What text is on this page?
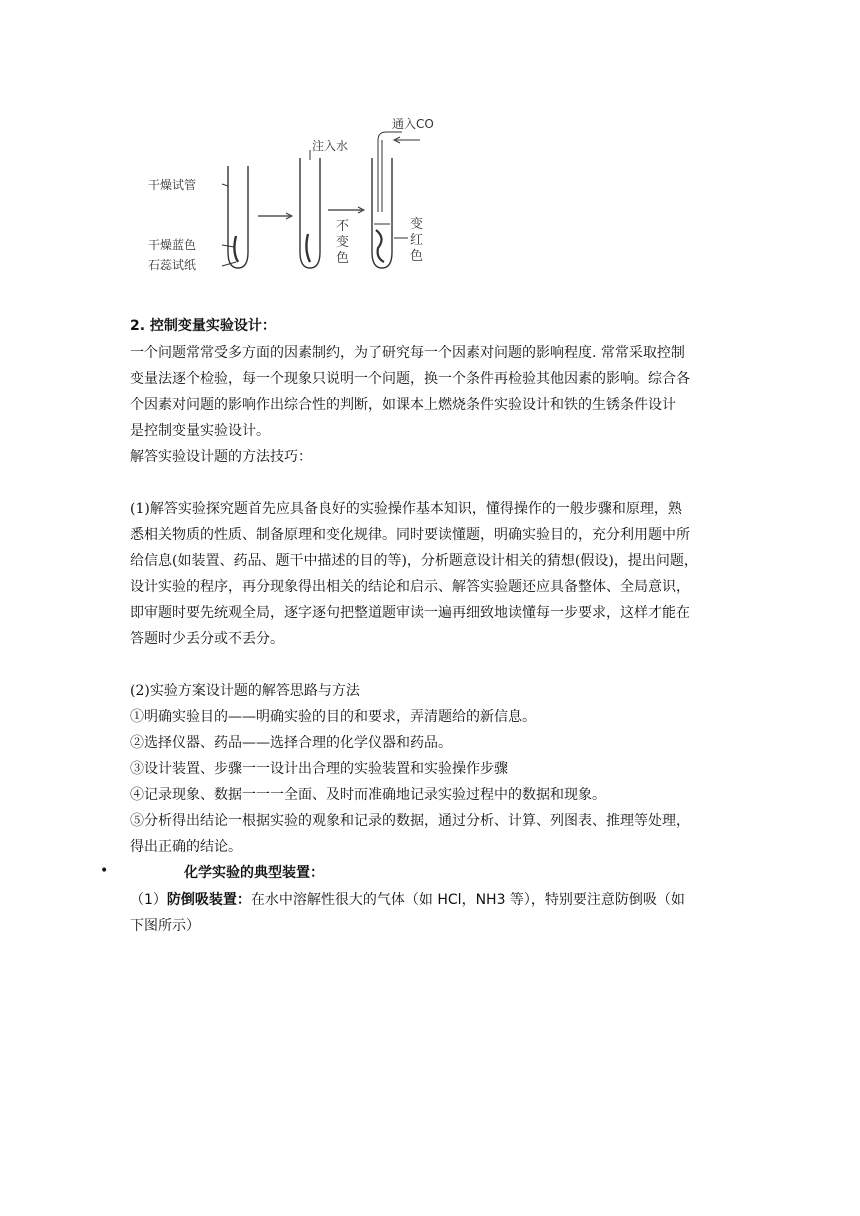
干燥试管
干燥蓝色
石蕊试纸
注入水
不
变
色
通入CO
变
红
色
2. 控制变量实验设计：
一个问题常常受多方面的因素制约，为了研究每一个因素对问题的影响程度. 常常采取控制
变量法逐个检验，每一个现象只说明一个问题，换一个条件再检验其他因素的影响。综合各
个因素对问题的影响作出综合性的判断，如课本上燃烧条件实验设计和铁的生锈条件设计
是控制变量实验设计。
解答实验设计题的方法技巧：
(1)解答实验探究题首先应具备良好的实验操作基本知识，懂得操作的一般步骤和原理，熟
悉相关物质的性质、制备原理和变化规律。同时要读懂题，明确实验目的，充分利用题中所
给信息(如装置、药品、题干中描述的目的等)，分析题意设计相关的猜想(假设)，提出问题，
设计实验的程序，再分现象得出相关的结论和启示、解答实验题还应具备整体、全局意识，
即审题时要先统观全局，逐字逐句把整道题审读一遍再细致地读懂每一步要求，这样才能在
答题时少丢分或不丢分。
(2)实验方案设计题的解答思路与方法
①明确实验目的——明确实验的目的和要求，弄清题给的新信息。
②选择仪器、药品——选择合理的化学仪器和药品。
③设计装置、步骤一一设计出合理的实验装置和实验操作步骤
④记录现象、数据一一一全面、及时而准确地记录实验过程中的数据和现象。
⑤分析得出结论一根据实验的观象和记录的数据，通过分析、计算、列图表、推理等处理，
得出正确的结论。
•	化学实验的典型装置：
（1）防倒吸装置：在水中溶解性很大的气体（如 HCl，NH3 等），特别要注意防倒吸（如
下图所示）
